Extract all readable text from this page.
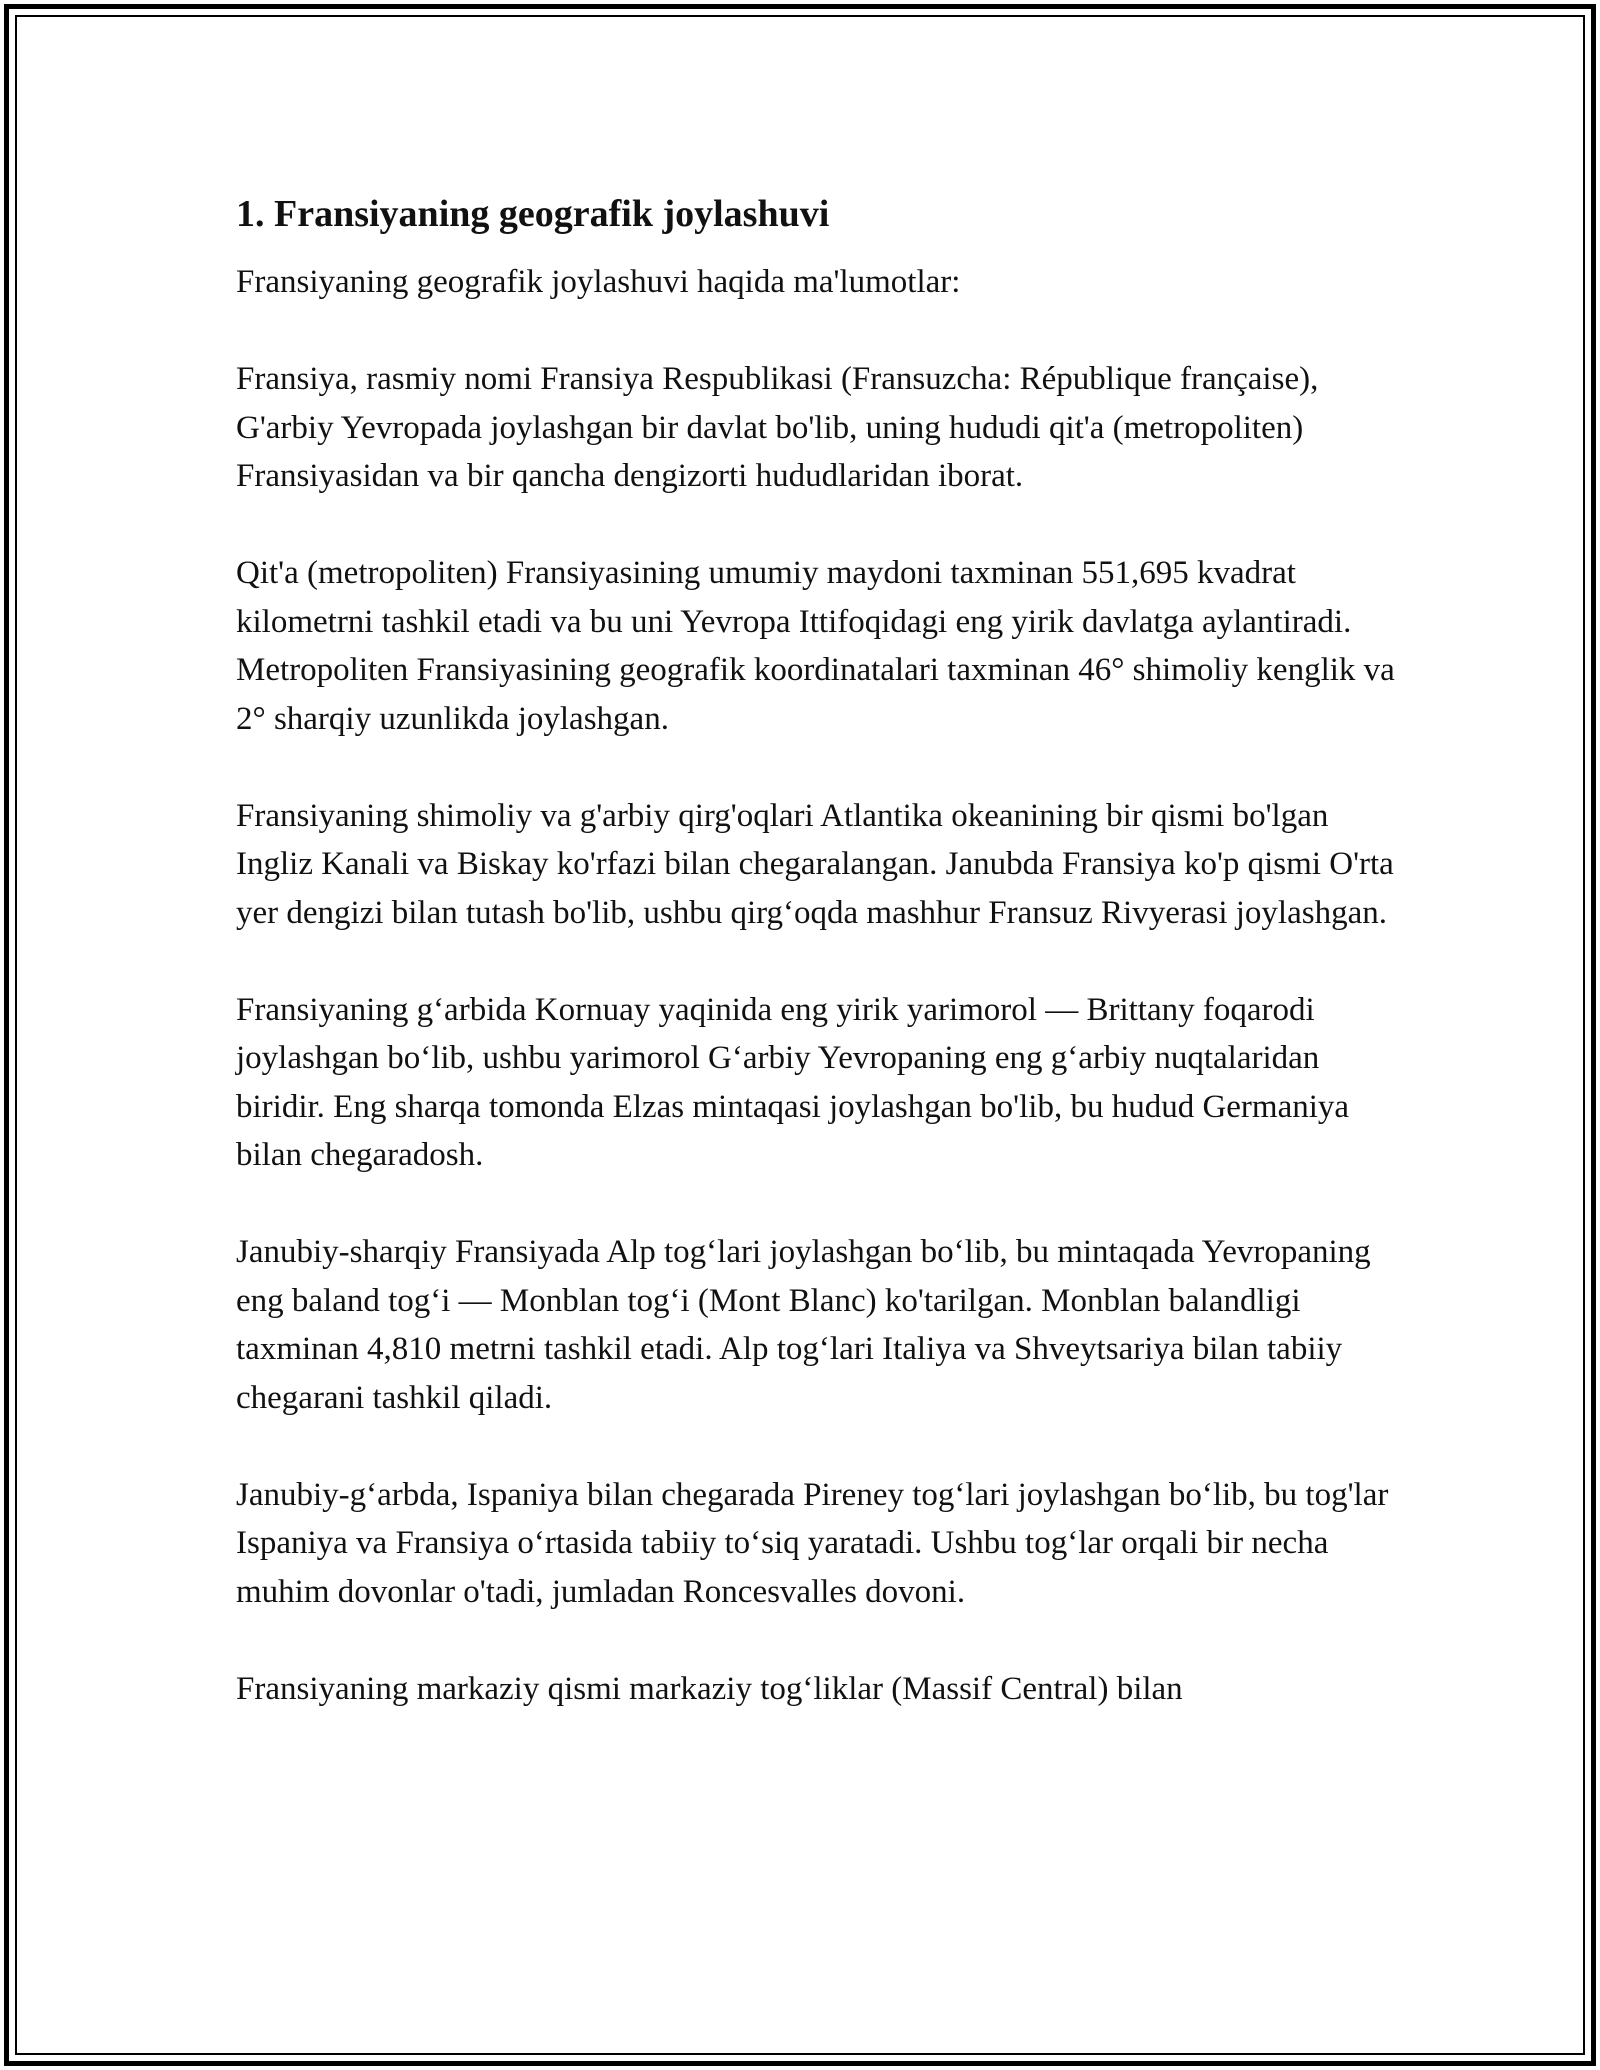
1. Fransiyaning geografik joylashuvi

Fransiyaning geografik joylashuvi haqida ma'lumotlar:

Fransiya, rasmiy nomi Fransiya Respublikasi (Fransuzcha: République française), G'arbiy Yevropada joylashgan bir davlat bo'lib, uning hududi qit'a (metropoliten) Fransiyasidan va bir qancha dengizorti hududlaridan iborat.

Qit'a (metropoliten) Fransiyasining umumiy maydoni taxminan 551,695 kvadrat kilometrni tashkil etadi va bu uni Yevropa Ittifoqidagi eng yirik davlatga aylantiradi. Metropoliten Fransiyasining geografik koordinatalari taxminan 46° shimoliy kenglik va 2° sharqiy uzunlikda joylashgan.

Fransiyaning shimoliy va g'arbiy qirg'oqlari Atlantika okeanining bir qismi bo'lgan Ingliz Kanali va Biskay ko'rfazi bilan chegaralangan. Janubda Fransiya ko'p qismi O'rta yer dengizi bilan tutash bo'lib, ushbu qirg‘oqda mashhur Fransuz Rivyerasi joylashgan.

Fransiyaning g‘arbida Kornuay yaqinida eng yirik yarimorol — Brittany foqarodi joylashgan bo‘lib, ushbu yarimorol G‘arbiy Yevropaning eng g‘arbiy nuqtalaridan biridir. Eng sharqa tomonda Elzas mintaqasi joylashgan bo'lib, bu hudud Germaniya bilan chegaradosh.

Janubiy-sharqiy Fransiyada Alp tog‘lari joylashgan bo‘lib, bu mintaqada Yevropaning eng baland tog‘i — Monblan tog‘i (Mont Blanc) ko'tarilgan. Monblan balandligi taxminan 4,810 metrni tashkil etadi. Alp tog‘lari Italiya va Shveytsariya bilan tabiiy chegarani tashkil qiladi.

Janubiy-g‘arbda, Ispaniya bilan chegarada Pireney tog‘lari joylashgan bo‘lib, bu tog'lar Ispaniya va Fransiya o‘rtasida tabiiy to‘siq yaratadi. Ushbu tog‘lar orqali bir necha muhim dovonlar o'tadi, jumladan Roncesvalles dovoni.

Fransiyaning markaziy qismi markaziy tog‘liklar (Massif Central) bilan
